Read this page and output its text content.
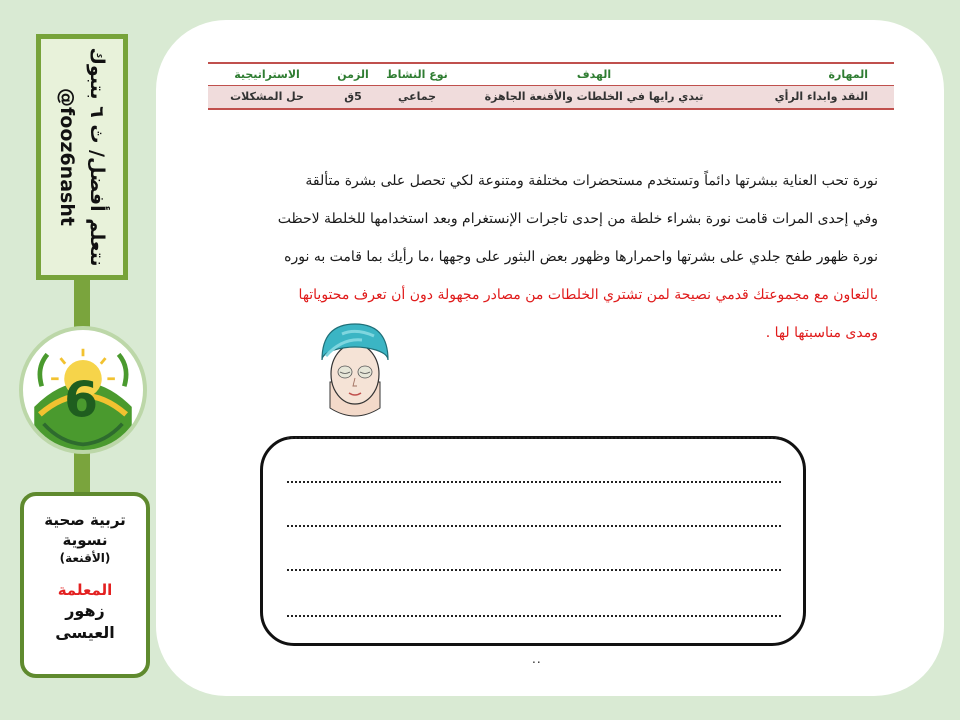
نتعلم أفضل/ ث ٦ بتبوك
@fooz6nasht
6
تربية صحية
نسوية
(الأقنعة)
المعلمة
زهور
العيسى
المهارة	الهدف	نوع النشاط	الزمن	الاستراتيجية
النقد وابداء الرأي	تبدي رايها في الخلطات والأقنعة الجاهزة	جماعي	5ق	حل المشكلات
نورة تحب العناية ببشرتها دائماً وتستخدم مستحضرات مختلفة ومتنوعة لكي تحصل على بشرة متألقة
وفي إحدى المرات قامت نورة بشراء خلطة من إحدى تاجرات الإنستغرام وبعد استخدامها للخلطة لاحظت
نورة ظهور طفح جلدي على بشرتها واحمرارها وظهور بعض البثور على وجهها ،ما رأيك بما قامت به نوره
بالتعاون مع مجموعتك قدمي نصيحة لمن تشتري الخلطات من مصادر مجهولة دون أن تعرف محتوياتها
ومدى مناسبتها لها .
..
